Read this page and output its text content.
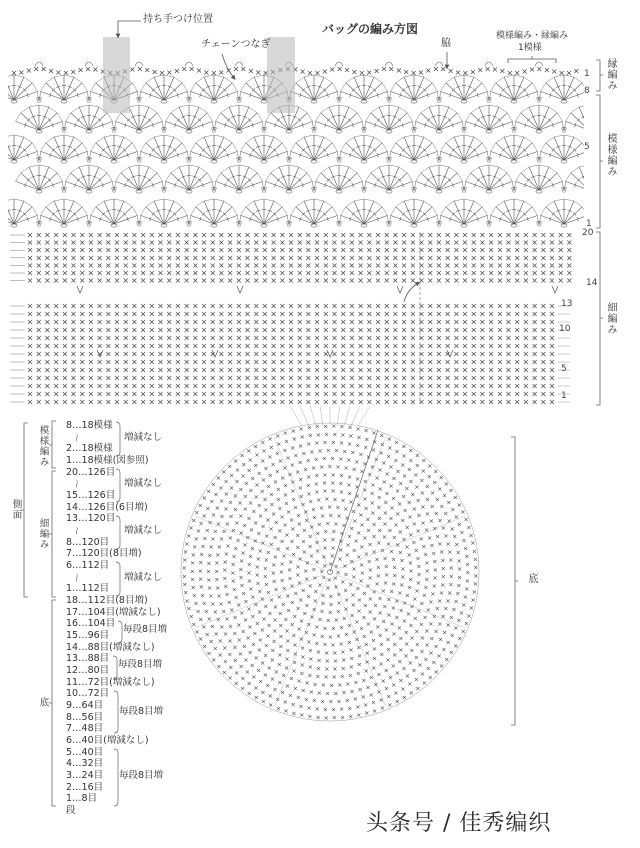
× × × × × × × × × × × × ×	× × × × × × × × × × × × × × × × × × ×	× × × × × × × × × × × × × × × × × × × × × × × × × × × × × × × × × × × × × × ×
× × × × × × × × × × × × × × × × × × × × × × × × × × × × × × × × × × × × × × × × × × × × × × × × × × × × × × × × × × × × × × ×
× × × × × × × × × × × × × × × × × × × × × × × × × × × × × × × × × × × × × × × × × × × × × × × × × × × × × × × × × × × × × × ×
× × × × × × × × × × × × × × × × × × × × × × × × × × × × × × × × × × × × × × × × × × × × × × × × × × × × × × × × × × × × × × ×
× × × × × × × × × × × × × × × × × × × × × × × × × × × × × × × × × × × × × × × × × × × × × × × × × × × × × × × × × × × × × × ×
× × × × × × × × × × × × × × × × × × × × × × × × × × × × × × × × × × × × × × × × × × × × × × × × × × × × × × × × × × × × × × ×
× × × × × × × × × × × × × × × × × × × × × × × × × × × × × × × × × × × × × × × × × × × × × × × × × × × × × × × × × × × × × × ×
× × × × × × × × × × × × × × × × × × × × × × × × × × × × × × × × × × × × × × × × × × × × × × × × × × × × × × × × × × × × × × ×
× × × × × × × × × × × × × × × × × × × × × × × × × × × × × × × × × × × × × × × × × × × × × × × × × × × × × × × × × × × × ×
× × × × × × × × × × × × × × × × × × × × × × × × × × × × × × × × × × × × × × × × × × × × × × × × × × × × × × × × × × × × ×
× × × × × × × × × × × × × × × × × × × × × × × × × × × × × × × × × × × × × × × × × × × × × × × × × × × × × × × × × × × × ×
× × × × × × × × × × × × × × × × × × × × × × × × × × × × × × × × × × × × × × × × × × × × × × × × × × × × × × × × × × × × ×
× × × × × × × × × × × × × × × × × × × × × × × × × × × × × × × × × × × × × × × × × × × × × × × × × × × × × × × × × × × × ×
× × × × × × × × × × × × × × × × × × × × × × × × × × × × × × × × × × × × × × × × × × × × × × × × × × × × × × × × × × × × ×
× × × × × × × × × × × × × × × × × × × × × × × × × × × × × × × × × × × × × × × × × × × × × × × × × × × × × × × × × × × × ×
× × × × × × × × × × × × × × × × × × × × × × × × × × × × × × × × × × × × × × × × × × × × × × × × × × × × × × × × × × × × ×
× × × × × × × × × × × × × × × × × × × × × × × × × × × × × × × × × × × × × × × × × × × × × × × × × × × × × × × × × × × × ×
× × × × × × × × × × × × × × × × × × × × × × × × × × × × × × × × × × × × × × × × × × × × × × × × × × × × × × × × × × × × ×
× × × × × × × × × × × × × × × × × × × × × × × × × × × × × × × × × × × × × × × × × × × × × × × × × × × × × × × × × × × × ×
× × × × × × × × × × × × × × × × × × × × × × × × × × × × × × × × × × × × × × × × × × × × × × × × × × × × × × × × × × × × ×
× × × × × × × × × × × × × × × × × × × × × × × × × × × × × × × × × × × × × × × × × × × × × × × × × × × × × × × × × × × × ×
×
×
×
×
×
× × ×
×
×
×
×
×
×
×
×
× × ×
×
×
×
×
×
×
×
×
×
×
×
×
×
× × × ×
×
×
×
×
×
×
×
×
×
×
×
×
×
×
×
×
×
×
×
× × × × ×
×
×
×
×
×
×
×
×
×
×
×
×
×
×
×
×
×
×
×
×
×
×
×
× × × × × ×
×
×
×
×
×
×
×
×
×
×
×
×
×
×
×
×
×
×
×
×
×
×
×
×
×
×
×
×
× × × × × × ×
×
×
×
×
×
×
×
×
×
×
×
×
×
×
×
×
×
×
×
×
×
×
×
×
×
×
×
×
×
×
×
×
×
× × × × × × × ×
×
×
×
×
×
×
×
×
×
×
×
×
×
×
×
×
×
×
×
×
×
×
×
×
×
×
×
×
×
×
×
×
×
×
×
×
×
×
×
× × × × × × × × ×
×
×
×
×
×
×
×
×
×
×
×
×
×
×
×
×
×
×
×
×
×
×
×
×
×
×
×
×
×
×
×
×
×
×
×
×
×
×
×
×
×
×
×
×
× × × × × × × × × ×
×
×
×
×
×
×
×
×
×
×
×
×
×
×
×
×
×
×
×
×
×
×
×
×
×
×
×
×
×
×
×
×
×
×
×
×
×
×
×
×
×
×
×
×
×
×
×
×
×
× × × × × × × × × × ×
×
×
×
×
×
×
×
×
×
×
×
×
×
×
×
×
×
×
×
×
×
×
×
×
×
×
×
×
×
×
×
×
×
×
×
×
×
×
×
×
×
×
×
×
×
×
×
×
×
×
×
×
×
× × × × × × × × × × × ×
×
×
×
×
×
×
×
×
×
×
×
×
×
×
×
×
×
×
×
×
×
×
×
×
×
×
×
×
×
×
×
×
×
×
×
×
×
×
×
×
×
×
×
×
×
×
×
×
×
×
×
×
×
×
×
×
×
×
×
× × × × × × × × × × × × ×
×
×
×
×
×
×
×
×
×
×
×
×
×
×
×
×
×
×
×
×
×
×
×
×
×
×
×
×
×
×
×
×
×
×
×
×
×
×
×
×
×
×
×
×
×
×
×
×
×
×
×
×
×
×
×
×
×
×
×
×
×
×
×
× × × × × × × × × × × × × × ×
×
×
×
×
×
×
×
×
×
×
×
×
×
×
×
×
×
×
×
×
×
×
×
×
×
×
×
×
×
×
×
×
×
×
×
×
×
×
×
×
×
×
×
×
×
×
×
×
×
×
×
×
×
×
×
×
×
×
×
×
×
×
×
×
×
×
×
×
×
× × × × × × × × × × × × × × ×
×
×
×
×
×
×
×
×
×
×
×
×
×
×
×
×
×
×
×
×
×
×
×
×
×
×
×
×
×
×
×
×
×
×
×
×
×
×
×
×
×
×
×
×
×
×
×
×
×
×
×
×
×
×
×
×
×
×
×
×
×
×
×
×
×
×
×
×
×
×
×
×
×
×
× × × × × × × × × × × ×
× × ×
×
×
×
×
×
×
×
×
×
×
×
×
×
×
×
×
×
×
×
×
×
×
×
×
×
×
×
×
×
×
×
×
×
×
×
×
×
×
×
×
×
×
×
×
×
×
×
×
×
×
×
×
×
×
×
×
×
×
×
×
×
×
×
×
×
×
×
×
×
×
×
×
×
×
×
×
×
×
× × × × × × × × × × × × × × × × × ×
×
×
×
×
×
×
×
×
×
×
×
×
×
×
×
×
×
×
×
×
×
×
×
×
×
×
×
×
×
×
×
×
×
×
×
×
×
×
×
×
×
×
×
×
×
×
×
×
×
×
×
×
×
×
×
×
×
×
×
×
×
×
×
×
×
×
×
×
×
×
×
×
×
×
×
×
×
×
×
×
×
×
×
×
× × × × × × × × × × × × × × × × × ×
×
×
×
×
×
×
×
×
×
×
×
×
×
×
×
×
×
×
×
×
×
×
×
×
×
×
×
×
×
×
×
×
×
×
×
×
×
×
×
×
×
×
×
×
×
×
×
×
×
×
×
×
×
×
×
×
×
×
×
×
×
×
×
×
×
×
×
×
×
×
×
×
×
×
×
×
×
×
×
×
×
×
×
×
×
×
×
×
×
× × × × × × × × × × × × × × × × × × × ×
×
×
×
×
×
×
×
×
×
×
×
×
×
×
×
×
×
×
×
×
×
×
×
×
×
×
×
×
×
×
×
×
×
×
×
×
×
×
×
×
バッグの編み方図
持ち手つけ位置
チェーンつなぎ	脇
模様編み・縁編み
1模様
1
8
5
1
20
14
13
10
5
1
縁編み
模様編み
細編み
底
模様編み
細編み
側面
底
8…18模様
〜
2…18模様
1…18模様(図参照)
20…126目
〜
15…126目
14…126目(6目増)
13…120目
〜
8…120目
7…120目(8目増)
6…112目
〜
1…112目
18…112目(8目増)
17…104目(増減なし)
16…104目
15…96目
14…88目(増減なし)
13…88目
12…80目
11…72目(増減なし)
10…72目
9…64目
8…56目
7…48目
6…40目(増減なし)
5…40目
4…32目
3…24目
2…16目
1…8目
段
増減なし
増減なし
増減なし
増減なし
毎段8目増
毎段8目増
毎段8目増
毎段8目増
头条号 / 佳秀编织
